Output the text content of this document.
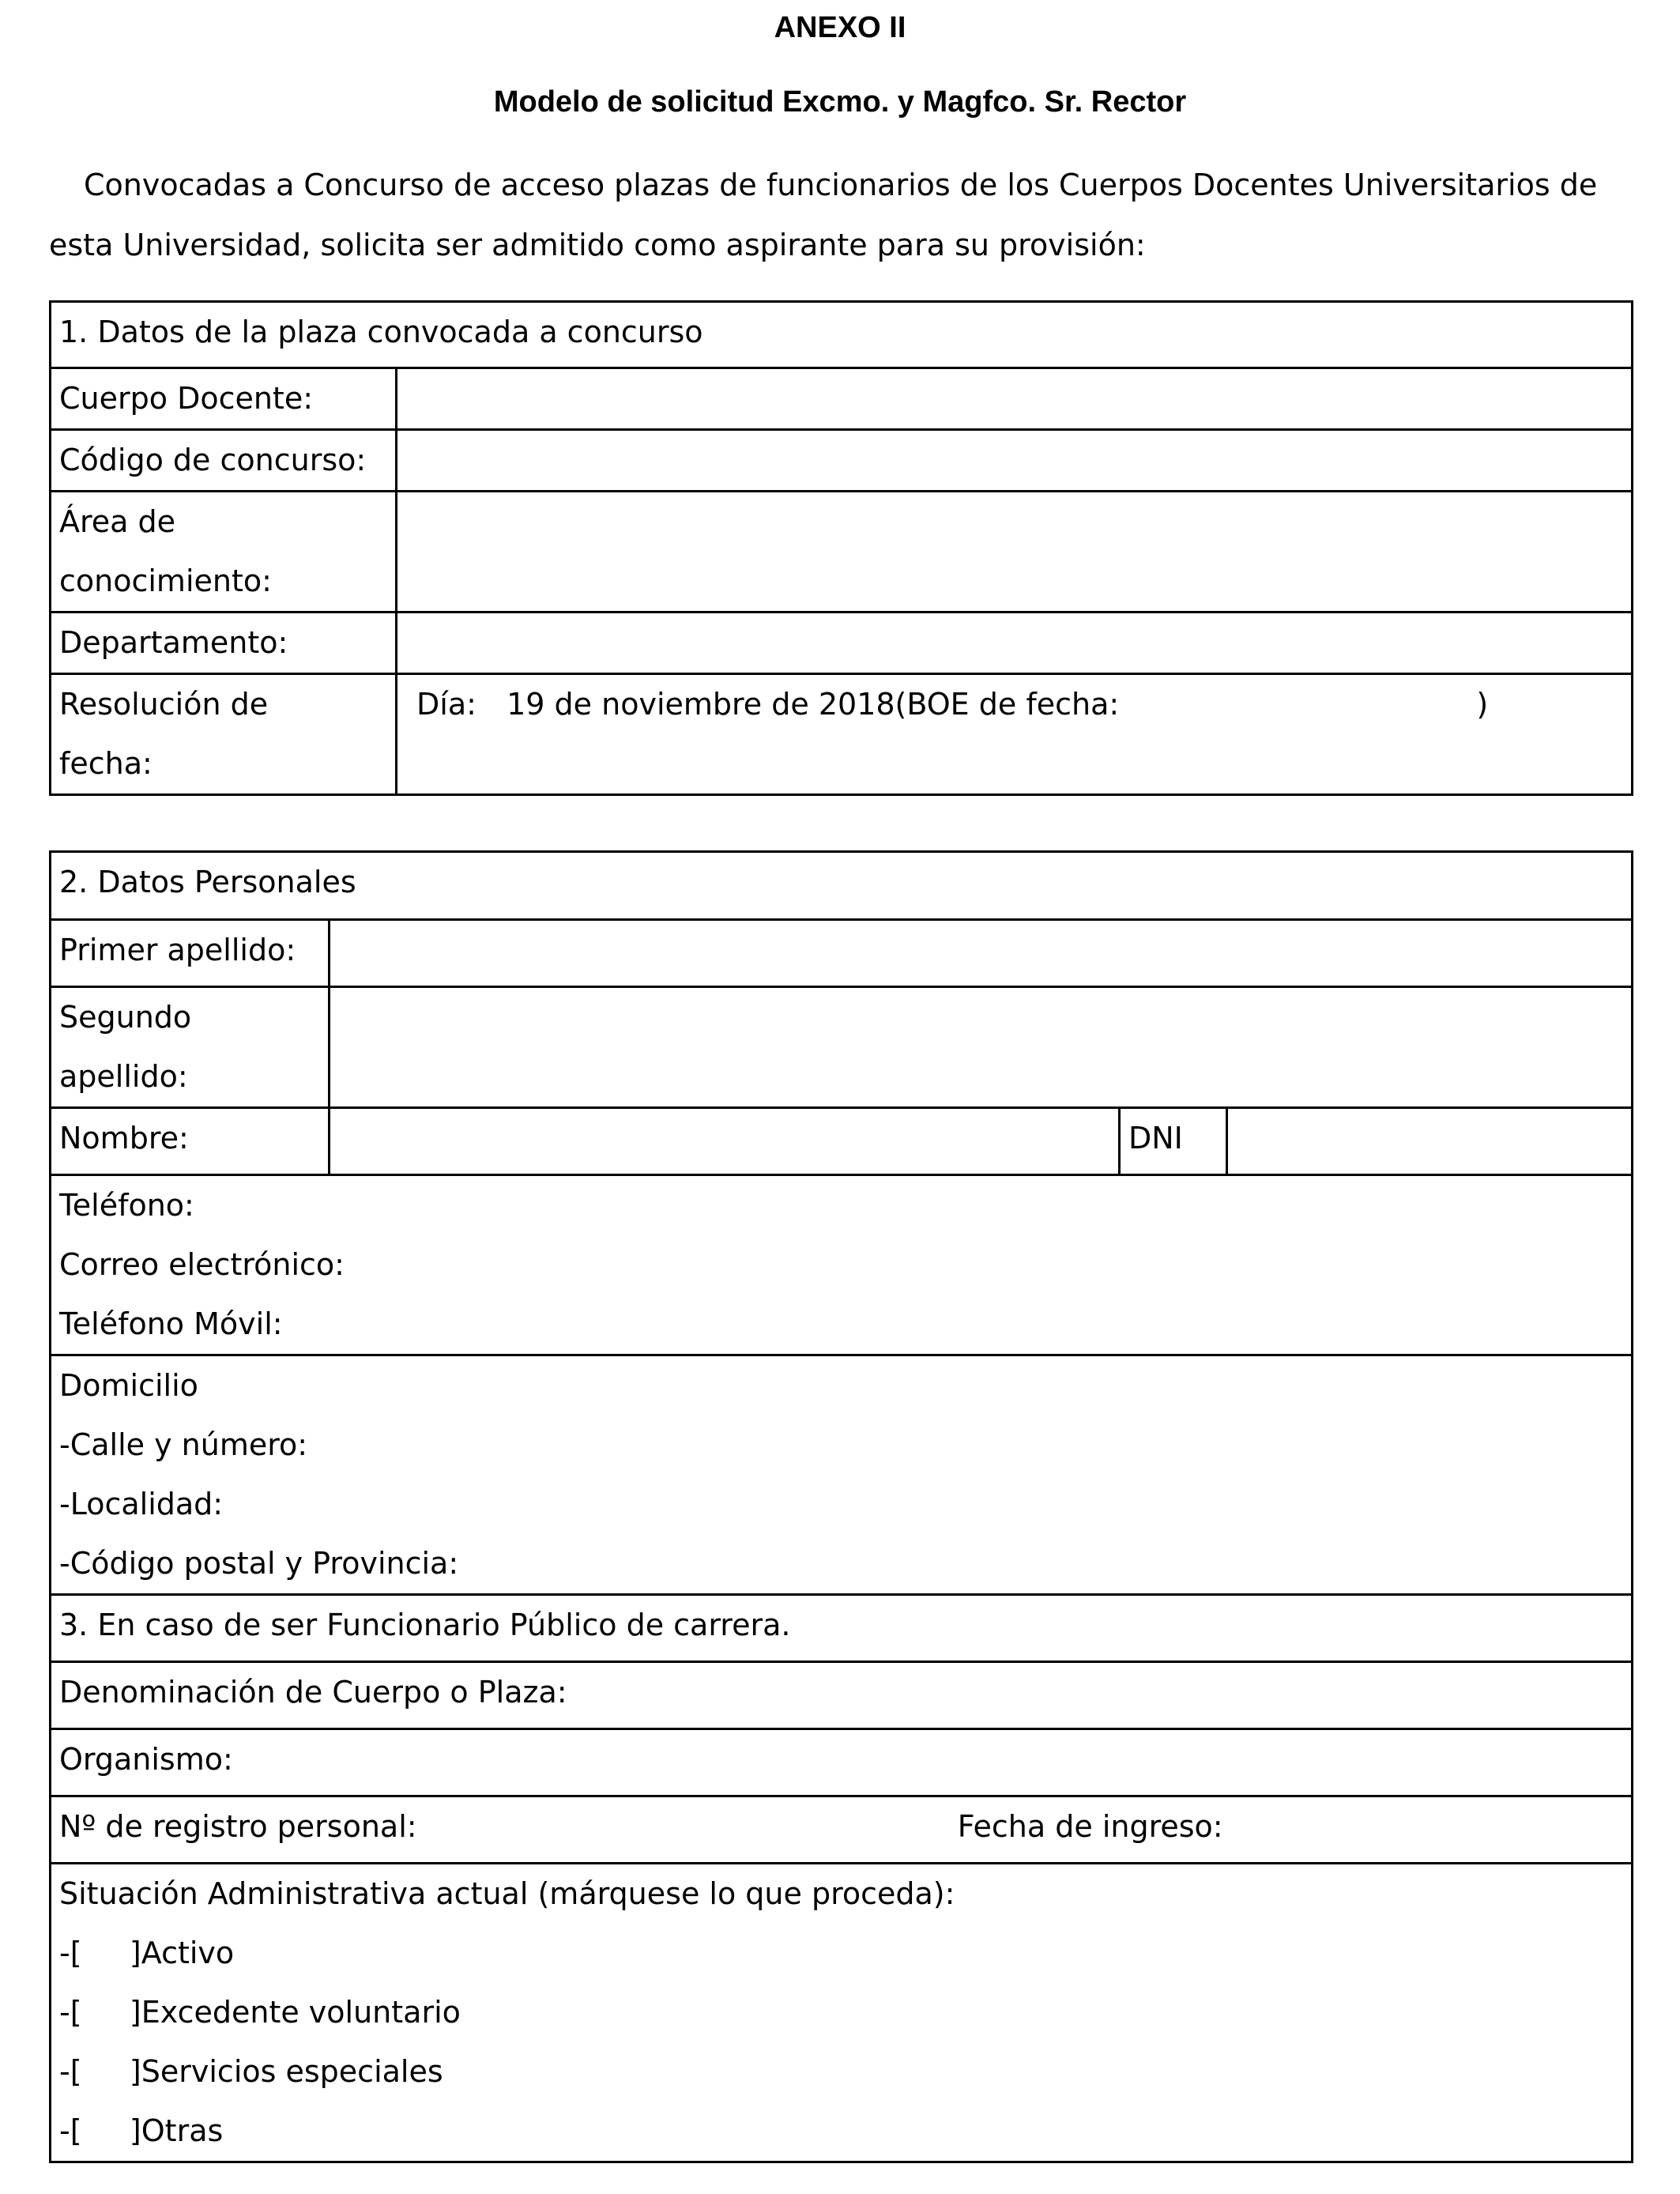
ANEXO II
Modelo de solicitud Excmo. y Magfco. Sr. Rector
Convocadas a Concurso de acceso plazas de funcionarios de los Cuerpos Docentes Universitarios de esta Universidad, solicita ser admitido como aspirante para su provisión:
1. Datos de la plaza convocada a concurso	
Cuerpo Docente:	
Código de concurso:	

Área de
conocimiento:	

Departamento:	

Resolución de
fecha:	Día: 19 de noviembre de 2018(BOE de fecha: )
2. Datos Personales			
Primer apellido:			

Segundo
apellido:			

Nombre:		DNI	

Teléfono:
Correo electrónico:
Teléfono Móvil:			

Domicilio
-Calle y número:
-Localidad:
-Código postal y Provincia:			

3. En caso de ser Funcionario Público de carrera.			
Denominación de Cuerpo o Plaza:			
Organismo:			
Nº de registro personal: Fecha de ingreso:			

Situación Administrativa actual (márquese lo que proceda):
-[     ]Activo
-[     ]Excedente voluntario
-[     ]Servicios especiales
-[     ]Otras			
